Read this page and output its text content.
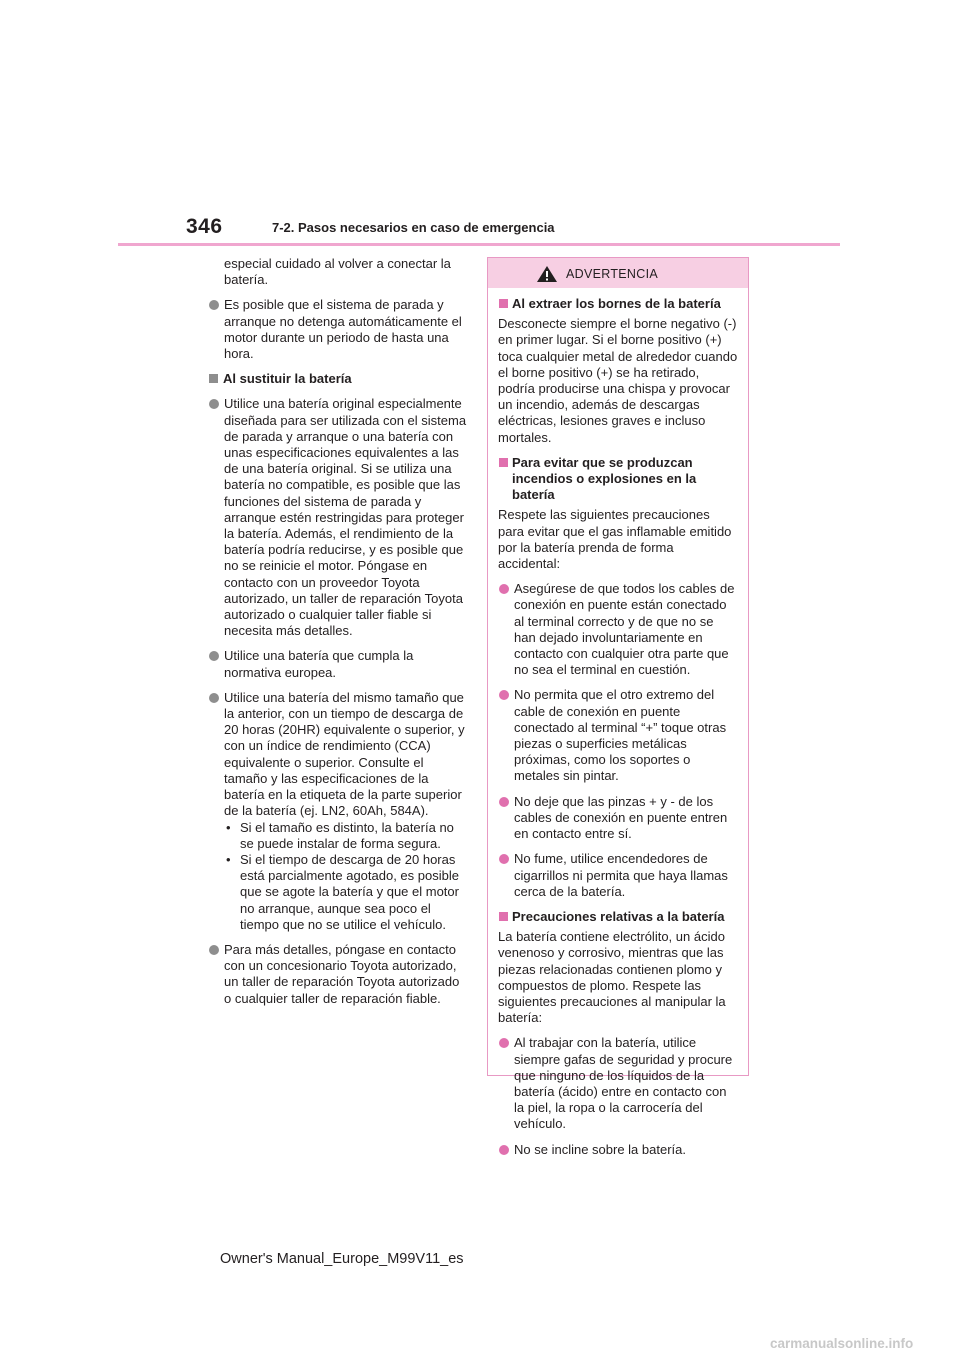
346	7-2. Pasos necesarios en caso de emergencia

especial cuidado al volver a conectar la batería.

Es posible que el sistema de parada y arranque no detenga automáticamente el motor durante un periodo de hasta una hora.
Al sustituir la batería
Utilice una batería original especialmente diseñada para ser utilizada con el sistema de parada y arranque o una batería con unas especificaciones equivalentes a las de una batería original. Si se utiliza una batería no compatible, es posible que las funciones del sistema de parada y arranque estén restringidas para proteger la batería. Además, el rendimiento de la batería podría reducirse, y es posible que no se reinicie el motor. Póngase en contacto con un proveedor Toyota autorizado, un taller de reparación Toyota autorizado o cualquier taller fiable si necesita más detalles.
Utilice una batería que cumpla la normativa europea.
Utilice una batería del mismo tamaño que la anterior, con un tiempo de descarga de 20 horas (20HR) equivalente o superior, y con un índice de rendimiento (CCA) equivalente o superior. Consulte el tamaño y las especificaciones de la batería en la etiqueta de la parte superior de la batería (ej. LN2, 60Ah, 584A).
• Si el tamaño es distinto, la batería no se puede instalar de forma segura.
• Si el tiempo de descarga de 20 horas está parcialmente agotado, es posible que se agote la batería y que el motor no arranque, aunque sea poco el tiempo que no se utilice el vehículo.
Para más detalles, póngase en contacto con un concesionario Toyota autorizado, un taller de reparación Toyota autorizado o cualquier taller de reparación fiable.
ADVERTENCIA
Al extraer los bornes de la batería

Desconecte siempre el borne negativo (-) en primer lugar. Si el borne positivo (+) toca cualquier metal de alrededor cuando el borne positivo (+) se ha retirado, podría producirse una chispa y provocar un incendio, además de descargas eléctricas, lesiones graves e incluso mortales.

Para evitar que se produzcan incendios o explosiones en la batería

Respete las siguientes precauciones para evitar que el gas inflamable emitido por la batería prenda de forma accidental:

Asegúrese de que todos los cables de conexión en puente están conectado al terminal correcto y de que no se han dejado involuntariamente en contacto con cualquier otra parte que no sea el terminal en cuestión.
No permita que el otro extremo del cable de conexión en puente conectado al terminal “+” toque otras piezas o superficies metálicas próximas, como los soportes o metales sin pintar.
No deje que las pinzas + y - de los cables de conexión en puente entren en contacto entre sí.
No fume, utilice encendedores de cigarrillos ni permita que haya llamas cerca de la batería.
Precauciones relativas a la batería

La batería contiene electrólito, un ácido venenoso y corrosivo, mientras que las piezas relacionadas contienen plomo y compuestos de plomo. Respete las siguientes precauciones al manipular la batería:

Al trabajar con la batería, utilice siempre gafas de seguridad y procure que ninguno de los líquidos de la batería (ácido) entre en contacto con la piel, la ropa o la carrocería del vehículo.
No se incline sobre la batería.
Owner's Manual_Europe_M99V11_es
carmanualsonline.info
